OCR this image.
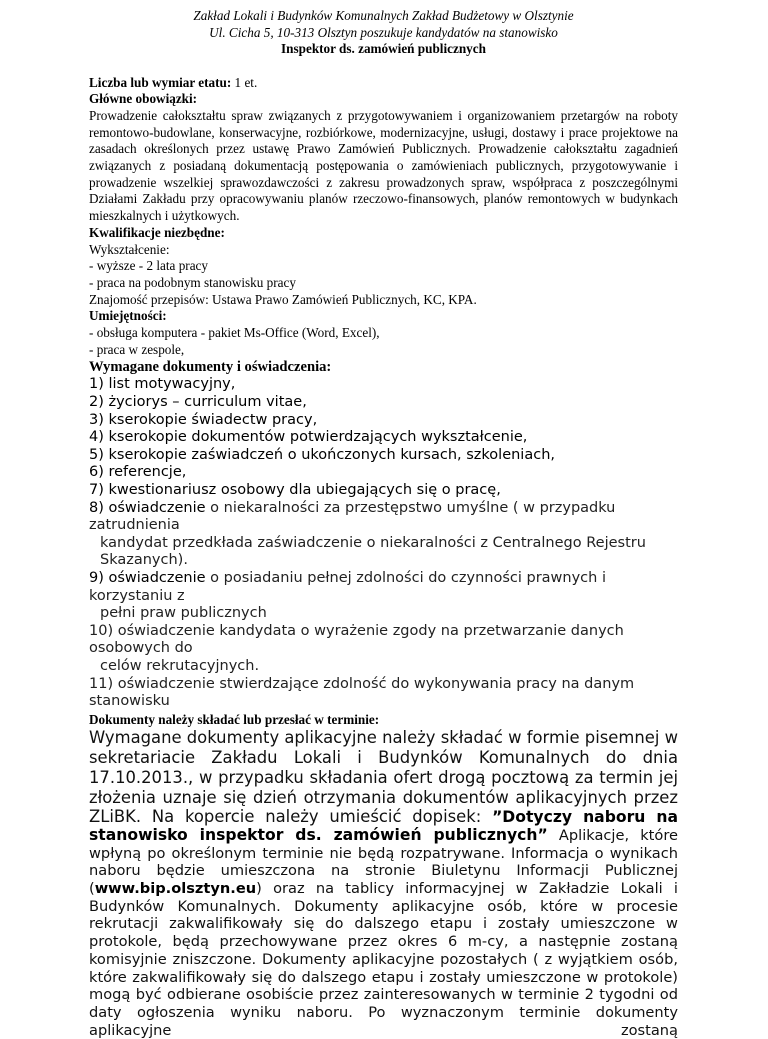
Zakład Lokali i Budynków Komunalnych Zakład Budżetowy w Olsztynie
Ul. Cicha 5, 10-313 Olsztyn poszukuje kandydatów na stanowisko
Inspektor ds. zamówień publicznych
Liczba lub wymiar etatu: 1 et.
Główne obowiązki:
Prowadzenie całokształtu spraw związanych z przygotowywaniem i organizowaniem przetargów na roboty remontowo-budowlane, konserwacyjne, rozbiórkowe, modernizacyjne, usługi, dostawy i prace projektowe na zasadach określonych przez ustawę Prawo Zamówień Publicznych. Prowadzenie całokształtu zagadnień związanych z posiadaną dokumentacją postępowania o zamówieniach publicznych, przygotowywanie i prowadzenie wszelkiej sprawozdawczości z zakresu prowadzonych spraw, współpraca z poszczególnymi Działami Zakładu przy opracowywaniu planów rzeczowo-finansowych, planów remontowych w budynkach mieszkalnych i użytkowych.
Kwalifikacje niezbędne:
Wykształcenie:
- wyższe - 2 lata pracy
- praca na podobnym stanowisku pracy
Znajomość przepisów: Ustawa Prawo Zamówień Publicznych, KC, KPA.
Umiejętności:
- obsługa komputera - pakiet Ms-Office (Word, Excel),
- praca w zespole,
Wymagane dokumenty i oświadczenia:
1) list motywacyjny,
2) życiorys – curriculum vitae,
3) kserokopie świadectw pracy,
4) kserokopie dokumentów potwierdzających wykształcenie,
5) kserokopie zaświadczeń o ukończonych kursach, szkoleniach,
6) referencje,
7) kwestionariusz osobowy dla ubiegających się o pracę,
8) oświadczenie o niekaralności za przestępstwo umyślne ( w przypadku zatrudnienia
kandydat przedkłada zaświadczenie o niekaralności z Centralnego Rejestru Skazanych).
9) oświadczenie o posiadaniu pełnej zdolności do czynności prawnych i korzystaniu z
pełni praw publicznych
10) oświadczenie kandydata o wyrażenie zgody na przetwarzanie danych osobowych do
celów rekrutacyjnych.
11) oświadczenie stwierdzające zdolność do wykonywania pracy na danym stanowisku
Dokumenty należy składać lub przesłać w terminie:
Wymagane dokumenty aplikacyjne należy składać w formie pisemnej w sekretariacie Zakładu Lokali i Budynków Komunalnych do dnia 17.10.2013., w przypadku składania ofert drogą pocztową za termin jej złożenia uznaje się dzień otrzymania dokumentów aplikacyjnych przez ZLiBK. Na kopercie należy umieścić dopisek: ”Dotyczy naboru na stanowisko inspektor ds. zamówień publicznych” Aplikacje, które wpłyną po określonym terminie nie będą rozpatrywane. Informacja o wynikach naboru będzie umieszczona na stronie Biuletynu Informacji Publicznej (www.bip.olsztyn.eu) oraz na tablicy informacyjnej w Zakładzie Lokali i Budynków Komunalnych. Dokumenty aplikacyjne osób, które w procesie rekrutacji zakwalifikowały się do dalszego etapu i zostały umieszczone w protokole, będą przechowywane przez okres 6 m-cy, a następnie zostaną komisyjnie zniszczone. Dokumenty aplikacyjne pozostałych ( z wyjątkiem osób, które zakwalifikowały się do dalszego etapu i zostały umieszczone w protokole) mogą być odbierane osobiście przez zainteresowanych w terminie 2 tygodni od daty ogłoszenia wyniku naboru. Po wyznaczonym terminie dokumenty aplikacyjne zostaną
